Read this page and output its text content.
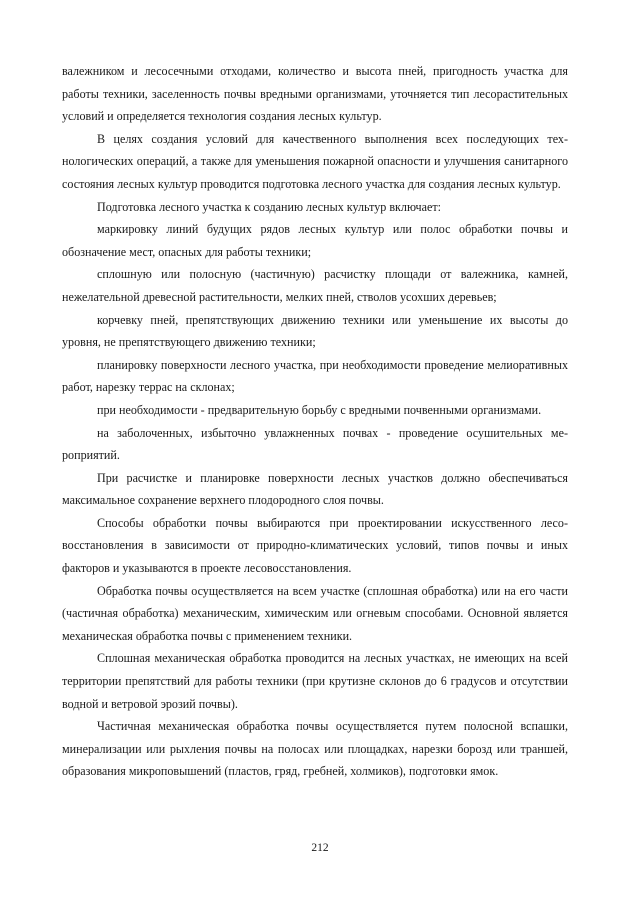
валежником и лесосечными отходами, количество и высота пней, пригодность участка для работы техники, заселенность почвы вредными организмами, уточняется тип лесорастительных условий и определяется технология создания лесных культур.

В целях создания условий для качественного выполнения всех последующих технологических операций, а также для уменьшения пожарной опасности и улучшения санитарного состояния лесных культур проводится подготовка лесного участка для создания лесных культур.

Подготовка лесного участка к созданию лесных культур включает:

маркировку линий будущих рядов лесных культур или полос обработки почвы и обозначение мест, опасных для работы техники;

сплошную или полосную (частичную) расчистку площади от валежника, камней, нежелательной древесной растительности, мелких пней, стволов усохших деревьев;

корчевку пней, препятствующих движению техники или уменьшение их высоты до уровня, не препятствующего движению техники;

планировку поверхности лесного участка, при необходимости проведение мелиоративных работ, нарезку террас на склонах;

при необходимости - предварительную борьбу с вредными почвенными организмами.

на заболоченных, избыточно увлажненных почвах - проведение осушительных мероприятий.

При расчистке и планировке поверхности лесных участков должно обеспечиваться максимальное сохранение верхнего плодородного слоя почвы.

Способы обработки почвы выбираются при проектировании искусственного лесовосстановления в зависимости от природно-климатических условий, типов почвы и иных факторов и указываются в проекте лесовосстановления.

Обработка почвы осуществляется на всем участке (сплошная обработка) или на его части (частичная обработка) механическим, химическим или огневым способами. Основной является механическая обработка почвы с применением техники.

Сплошная механическая обработка проводится на лесных участках, не имеющих на всей территории препятствий для работы техники (при крутизне склонов до 6 градусов и отсутствии водной и ветровой эрозий почвы).

Частичная механическая обработка почвы осуществляется путем полосной вспашки, минерализации или рыхления почвы на полосах или площадках, нарезки борозд или траншей, образования микроповышений (пластов, гряд, гребней, холмиков), подготовки ямок.

212
